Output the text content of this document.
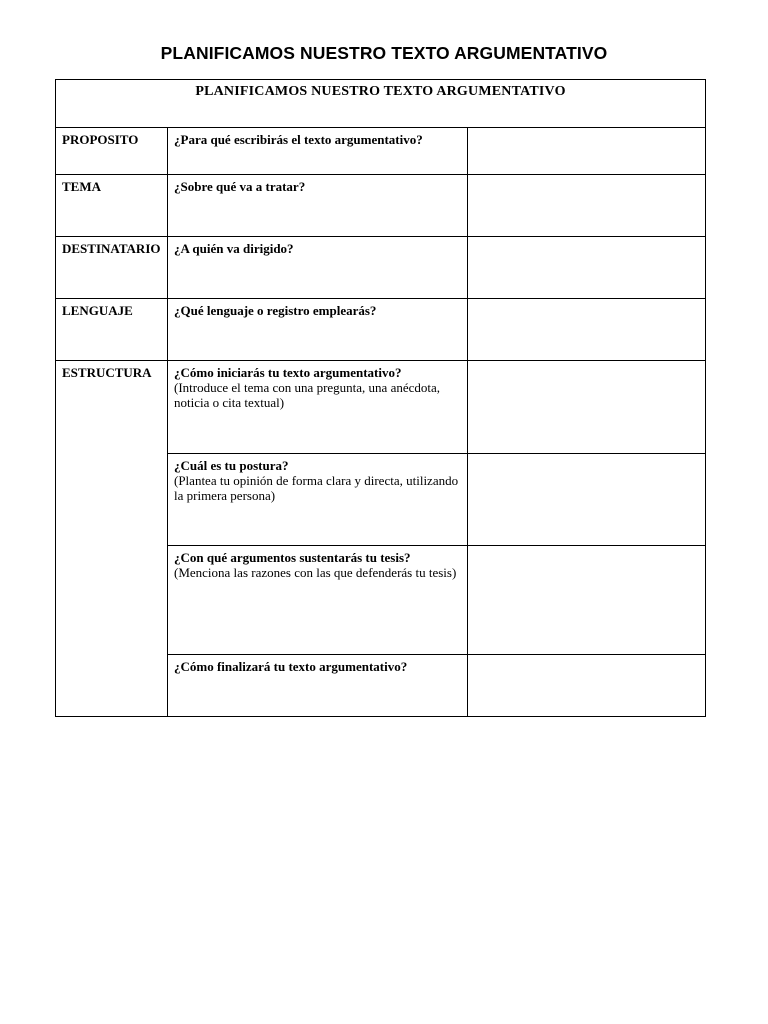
PLANIFICAMOS NUESTRO TEXTO ARGUMENTATIVO
PLANIFICAMOS NUESTRO TEXTO ARGUMENTATIVO		
PROPOSITO	¿Para qué escribirás el texto argumentativo?	

TEMA	¿Sobre qué va a tratar?	

DESTINATARIO	¿A quién va dirigido?	

LENGUAJE	¿Qué lenguaje o registro emplearás?	

ESTRUCTURA	¿Cómo iniciarás tu texto argumentativo?
(Introduce el tema con una pregunta, una anécdota, noticia o cita textual)	

	¿Cuál es tu postura?
(Plantea tu opinión de forma clara y directa, utilizando la primera persona)	

	¿Con qué argumentos sustentarás tu tesis?
(Menciona las razones con las que defenderás tu tesis)	

	¿Cómo finalizará tu texto argumentativo?	
